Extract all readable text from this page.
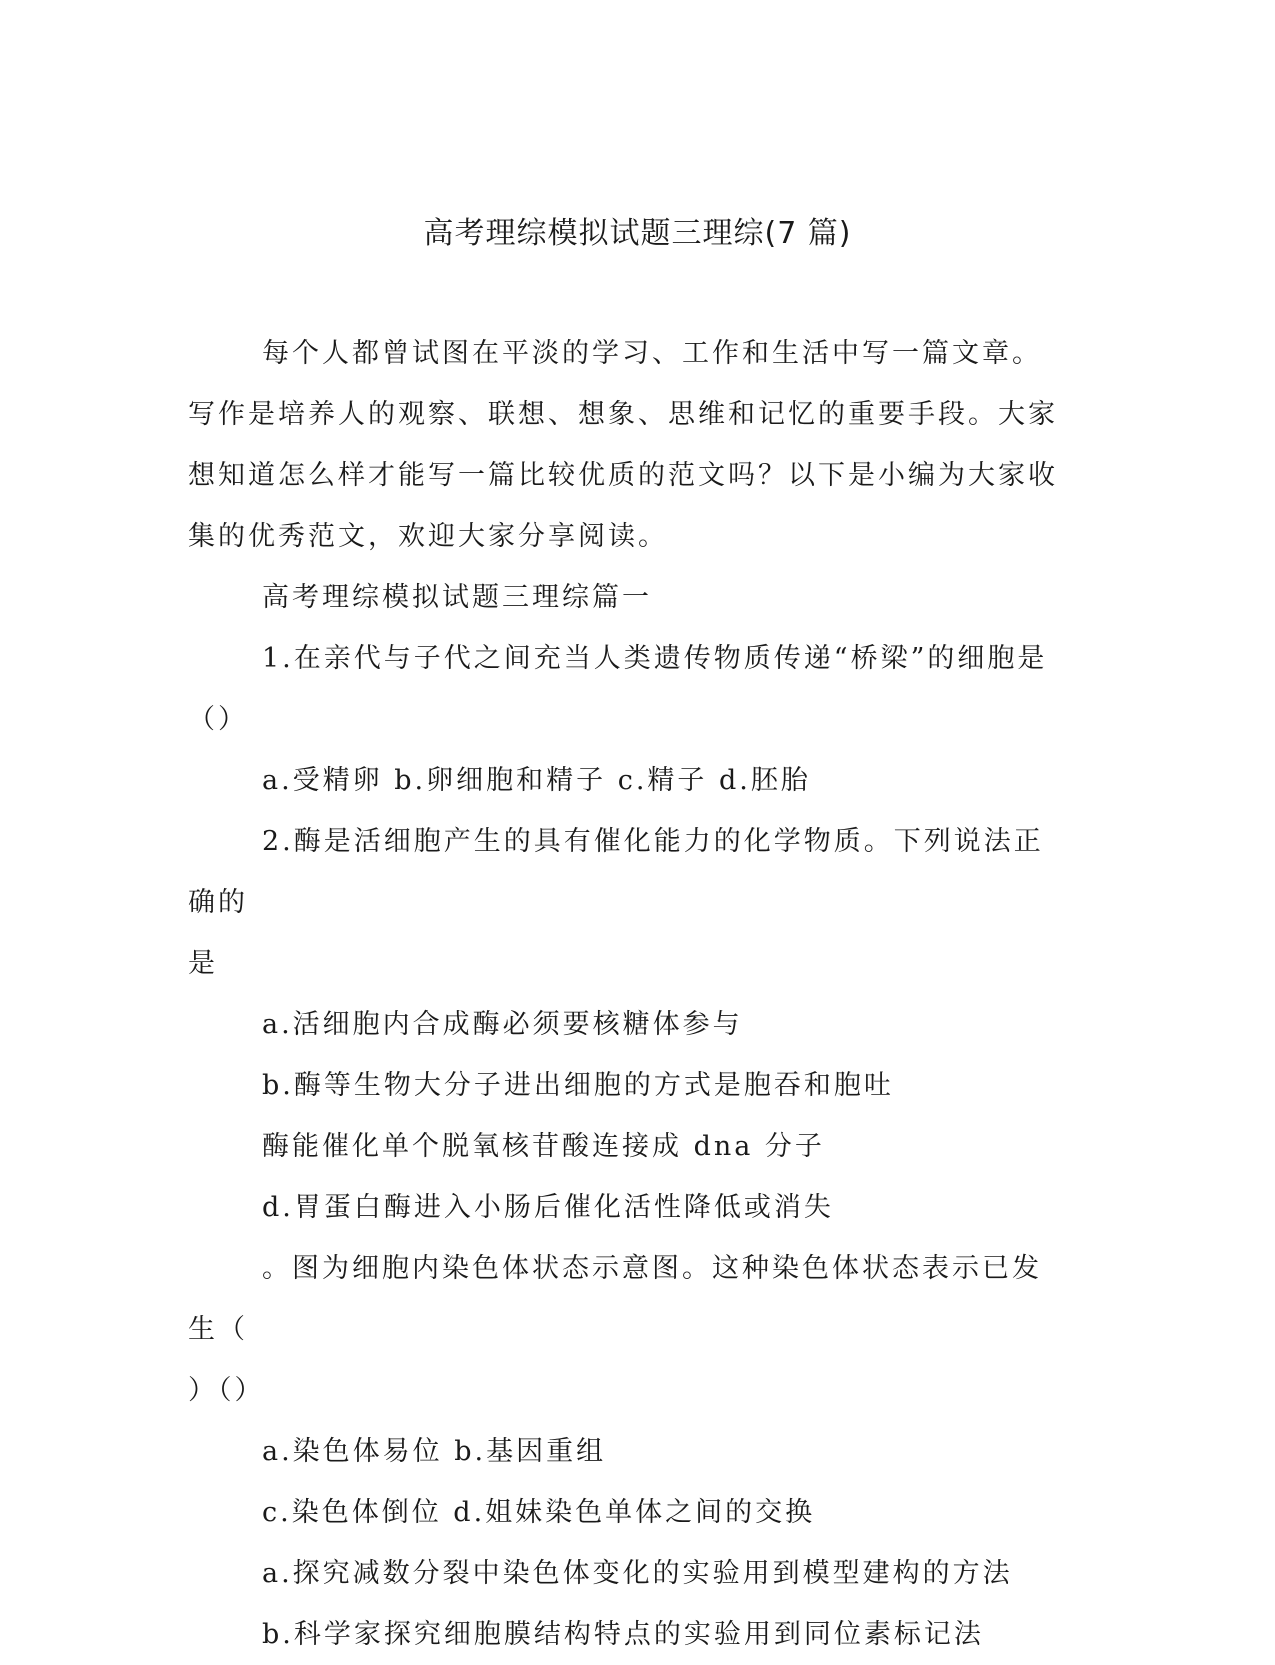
高考理综模拟试题三理综(7 篇)

每个人都曾试图在平淡的学习、工作和生活中写一篇文章。写作是培养人的观察、联想、想象、思维和记忆的重要手段。大家想知道怎么样才能写一篇比较优质的范文吗？以下是小编为大家收集的优秀范文，欢迎大家分享阅读。

高考理综模拟试题三理综篇一

1.在亲代与子代之间充当人类遗传物质传递“桥梁”的细胞是（）

a.受精卵 b.卵细胞和精子 c.精子 d.胚胎

2.酶是活细胞产生的具有催化能力的化学物质。下列说法正确的

是

a.活细胞内合成酶必须要核糖体参与

b.酶等生物大分子进出细胞的方式是胞吞和胞吐

酶能催化单个脱氧核苷酸连接成 dna 分子

d.胃蛋白酶进入小肠后催化活性降低或消失

。图为细胞内染色体状态示意图。这种染色体状态表示已发生（

）（）

a.染色体易位 b.基因重组

c.染色体倒位 d.姐妹染色单体之间的交换

a.探究减数分裂中染色体变化的实验用到模型建构的方法

b.科学家探究细胞膜结构特点的实验用到同位素标记法
